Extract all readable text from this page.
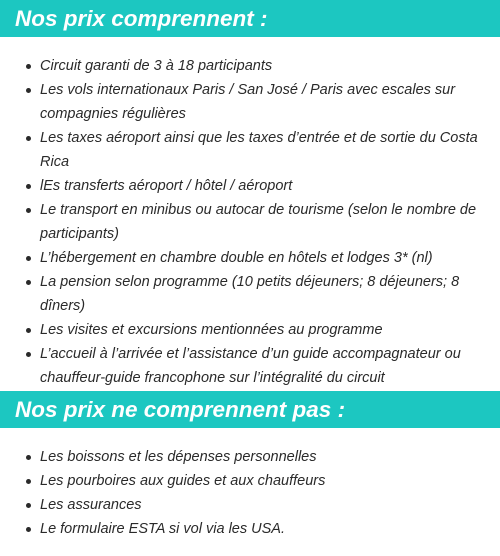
Nos prix comprennent :
Circuit garanti de 3 à 18 participants
Les vols internationaux Paris / San José / Paris avec escales sur compagnies régulières
Les taxes aéroport ainsi que les taxes d’entrée et de sortie du Costa Rica
lEs transferts aéroport / hôtel / aéroport
Le transport en minibus ou autocar de tourisme (selon le nombre de participants)
L’hébergement en chambre double en hôtels et lodges 3* (nl)
La pension selon programme (10 petits déjeuners; 8 déjeuners; 8 dîners)
Les visites et excursions mentionnées au programme
L’accueil à l’arrivée et l’assistance d’un guide accompagnateur ou chauffeur-guide francophone sur l’intégralité du circuit
Nos prix ne comprennent pas :
Les boissons et les dépenses personnelles
Les pourboires aux guides et aux chauffeurs
Les assurances
Le formulaire ESTA si vol via les USA.
